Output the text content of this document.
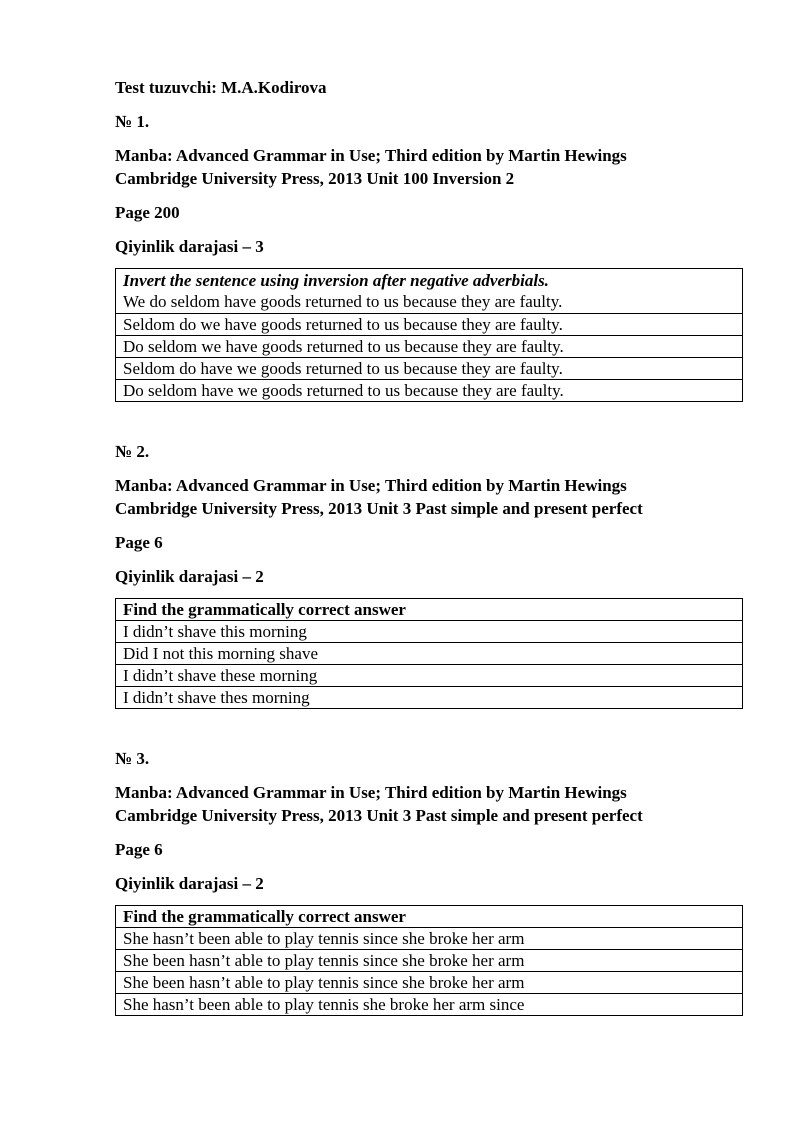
Test tuzuvchi: M.A.Kodirova

№ 1.

Manba: Advanced Grammar in Use; Third edition by Martin Hewings

Cambridge University Press, 2013 Unit 100 Inversion 2

Page 200

Qiyinlik darajasi – 3

Invert the sentence using inversion after negative adverbials.
We do seldom have goods returned to us because they are faulty.

Seldom do we have goods returned to us because they are faulty.
Do seldom we have goods returned to us because they are faulty.
Seldom do have we goods returned to us because they are faulty.
Do seldom have we goods returned to us because they are faulty.

№ 2.

Manba: Advanced Grammar in Use; Third edition by Martin Hewings

Cambridge University Press, 2013 Unit 3 Past simple and present perfect

Page 6

Qiyinlik darajasi – 2

Find the grammatically correct answer
I didn’t shave this morning
Did I not this morning shave
I didn’t shave these morning
I didn’t shave thes morning

№ 3.

Manba: Advanced Grammar in Use; Third edition by Martin Hewings

Cambridge University Press, 2013 Unit 3 Past simple and present perfect

Page 6

Qiyinlik darajasi – 2

Find the grammatically correct answer
She hasn’t been able to play tennis since she broke her arm
She been hasn’t able to play tennis since she broke her arm
She been hasn’t able to play tennis since she broke her arm
She hasn’t been able to play tennis she broke her arm since
